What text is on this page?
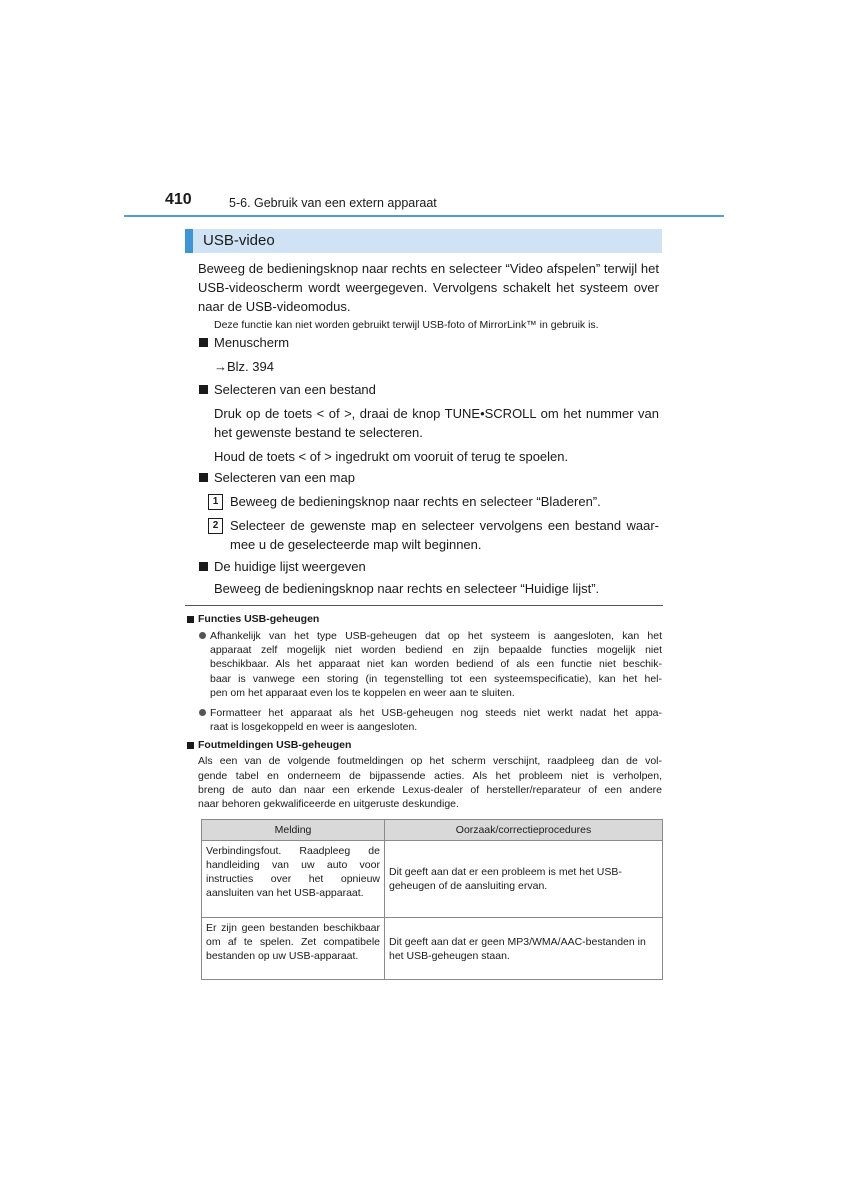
410	5-6. Gebruik van een extern apparaat
USB-video
Beweeg de bedieningsknop naar rechts en selecteer “Video afspelen” terwijl het
USB-videoscherm wordt weergegeven. Vervolgens schakelt het systeem over
naar de USB-videomodus.
Deze functie kan niet worden gebruikt terwijl USB-foto of MirrorLink™ in gebruik is.
Menuscherm
→Blz. 394
Selecteren van een bestand
Druk op de toets < of >, draai de knop TUNE•SCROLL om het nummer van
het gewenste bestand te selecteren.
Houd de toets < of > ingedrukt om vooruit of terug te spoelen.
Selecteren van een map
1 Beweeg de bedieningsknop naar rechts en selecteer “Bladeren”.
2 Selecteer de gewenste map en selecteer vervolgens een bestand waar-
mee u de geselecteerde map wilt beginnen.
De huidige lijst weergeven
Beweeg de bedieningsknop naar rechts en selecteer “Huidige lijst”.
Functies USB-geheugen
Afhankelijk van het type USB-geheugen dat op het systeem is aangesloten, kan het
apparaat zelf mogelijk niet worden bediend en zijn bepaalde functies mogelijk niet
beschikbaar. Als het apparaat niet kan worden bediend of als een functie niet beschik-
baar is vanwege een storing (in tegenstelling tot een systeemspecificatie), kan het hel-
pen om het apparaat even los te koppelen en weer aan te sluiten.
Formatteer het apparaat als het USB-geheugen nog steeds niet werkt nadat het appa-
raat is losgekoppeld en weer is aangesloten.
Foutmeldingen USB-geheugen
Als een van de volgende foutmeldingen op het scherm verschijnt, raadpleeg dan de vol-
gende tabel en onderneem de bijpassende acties. Als het probleem niet is verholpen,
breng de auto dan naar een erkende Lexus-dealer of hersteller/reparateur of een andere
naar behoren gekwalificeerde en uitgeruste deskundige.
Melding	Oorzaak/correctieprocedures
Verbindingsfout. Raadpleeg de handleiding van uw auto voor instructies over het opnieuw aansluiten van het USB-apparaat.	Dit geeft aan dat er een probleem is met het USB-geheugen of de aansluiting ervan.
Er zijn geen bestanden beschikbaar om af te spelen. Zet compatibele bestanden op uw USB-apparaat.	Dit geeft aan dat er geen MP3/WMA/AAC-bestanden in het USB-geheugen staan.
